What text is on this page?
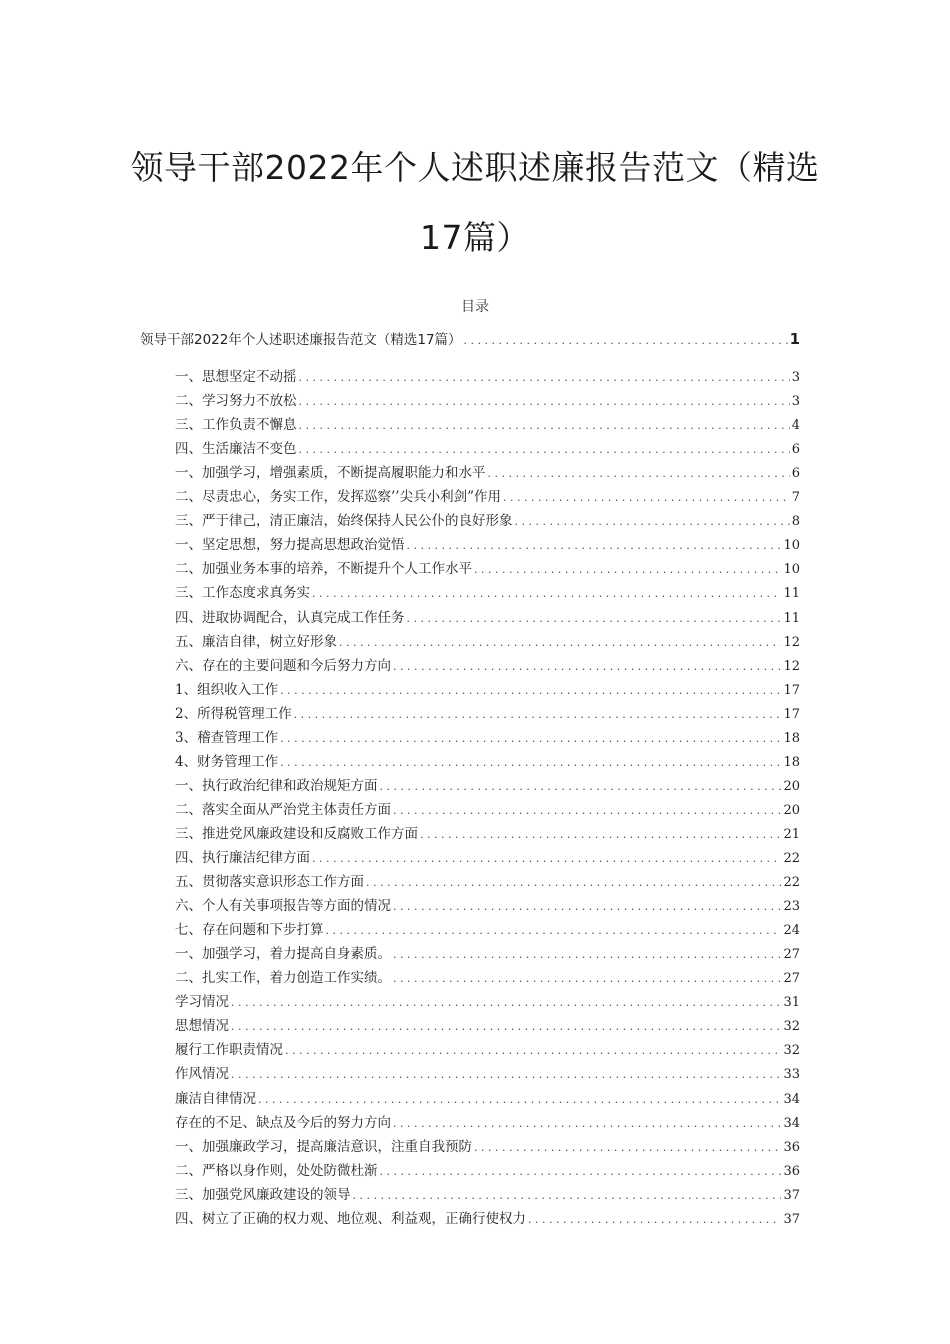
领导干部2022年个人述职述廉报告范文（精选
17篇）
目录
领导干部2022年个人述职述廉报告范文（精选17篇） . . .	1
一、思想坚定不动摇 . . .	3
二、学习努力不放松 . . .	3
三、工作负责不懈息 . . .	4
四、生活廉洁不变色 . . .	6
一、加强学习，增强素质，不断提高履职能力和水平 . . .	6
二、尽责忠心，务实工作，发挥巡察’’尖兵小利剑”作用 . . .	7
三、严于律己，清正廉洁，始终保持人民公仆的良好形象 . . .	8
一、坚定思想，努力提高思想政治觉悟 . . .	10
二、加强业务本事的培养，不断提升个人工作水平 . . .	10
三、工作态度求真务实 . . .	11
四、进取协调配合，认真完成工作任务 . . .	11
五、廉洁自律，树立好形象 . . .	12
六、存在的主要问题和今后努力方向 . . .	12
1、组织收入工作 . . .	17
2、所得税管理工作 . . .	17
3、稽查管理工作 . . .	18
4、财务管理工作 . . .	18
一、执行政治纪律和政治规矩方面 . . .	20
二、落实全面从严治党主体责任方面 . . .	20
三、推进党风廉政建设和反腐败工作方面 . . .	21
四、执行廉洁纪律方面 . . .	22
五、贯彻落实意识形态工作方面 . . .	22
六、个人有关事项报告等方面的情况 . . .	23
七、存在问题和下步打算 . . .	24
一、加强学习，着力提高自身素质。 . . .	27
二、扎实工作，着力创造工作实绩。 . . .	27
学习情况 . . .	31
思想情况 . . .	32
履行工作职责情况 . . .	32
作风情况 . . .	33
廉洁自律情况 . . .	34
存在的不足、缺点及今后的努力方向 . . .	34
一、加强廉政学习，提高廉洁意识，注重自我预防 . . .	36
二、严格以身作则，处处防微杜渐 . . .	36
三、加强党风廉政建设的领导 . . .	37
四、树立了正确的权力观、地位观、利益观，正确行使权力 . . .	37
